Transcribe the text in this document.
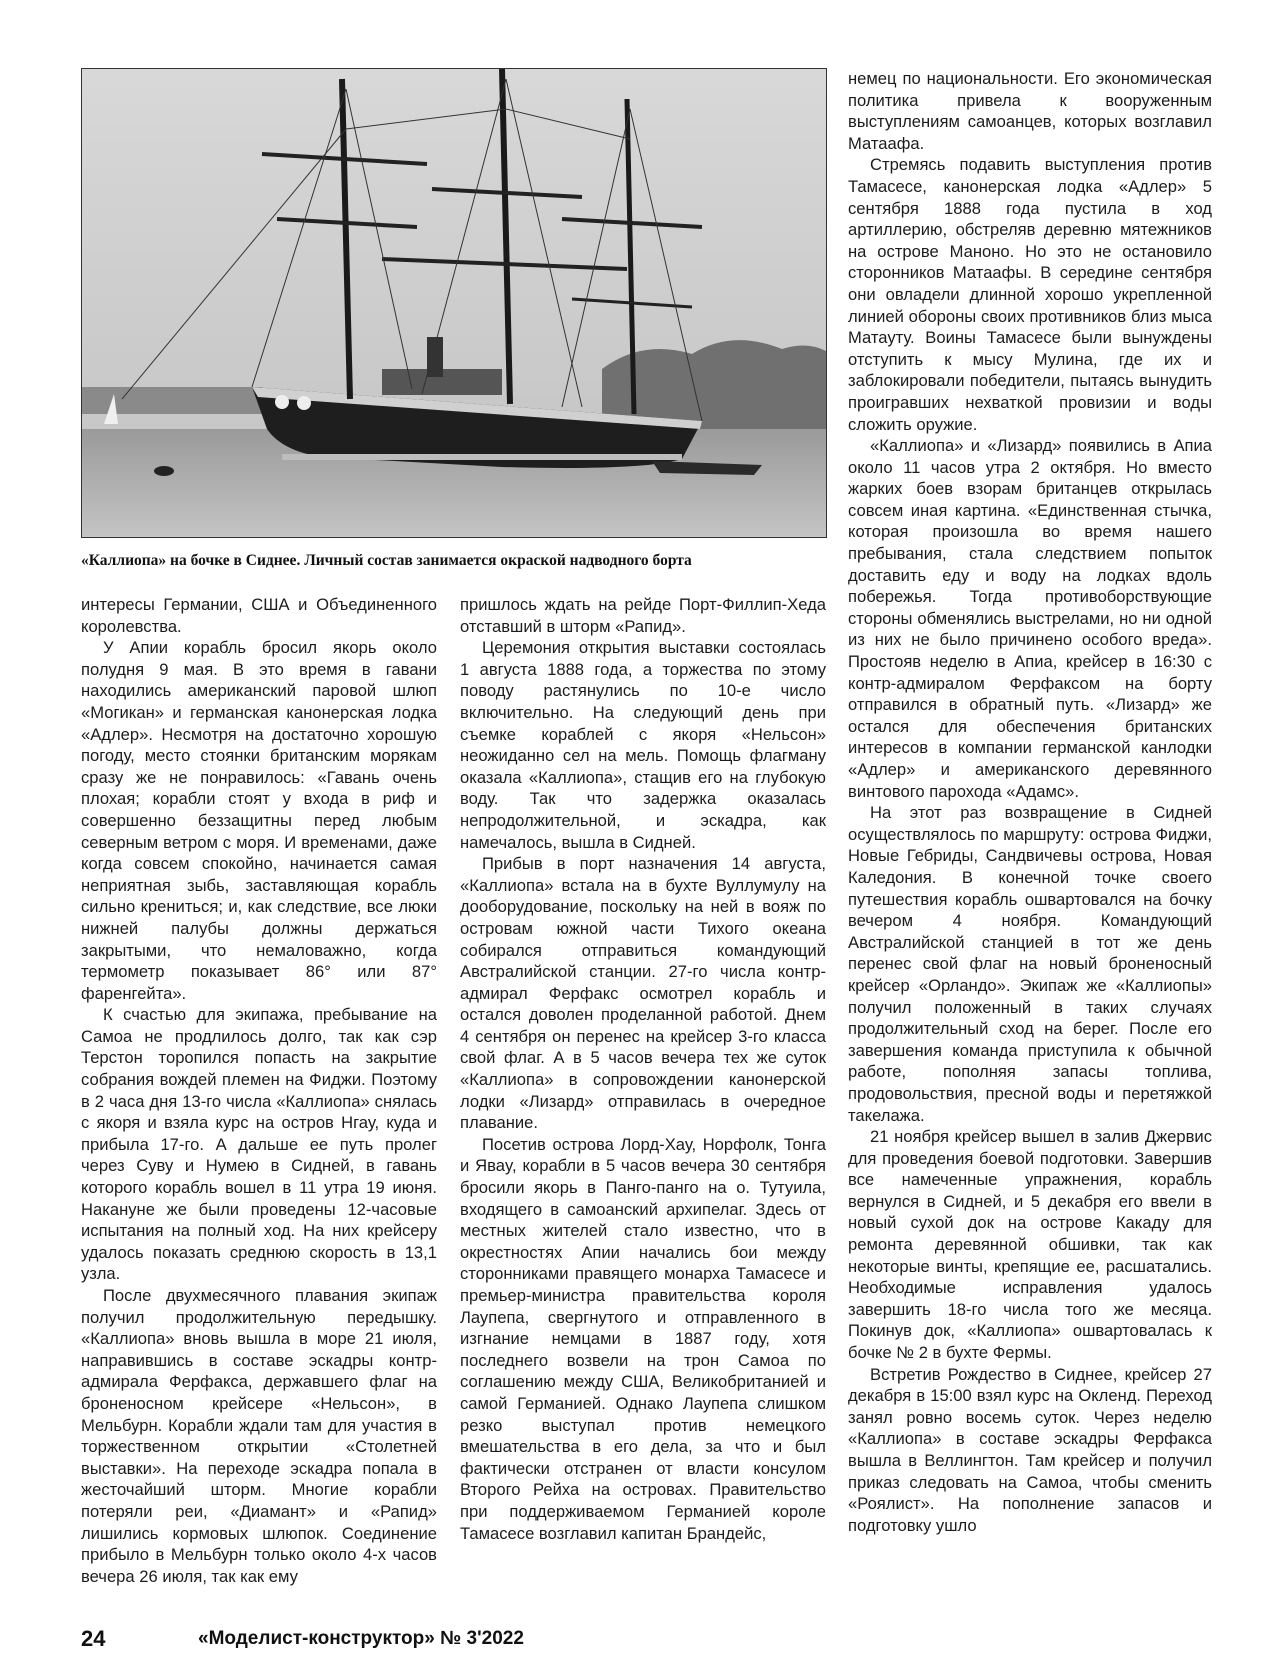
«Каллиопа» на бочке в Сиднее. Личный состав занимается окраской надводного борта

интересы Германии, США и Объединенного королевства.

У Апии корабль бросил якорь около полудня 9 мая. В это время в гавани находились американский паровой шлюп «Могикан» и германская канонерская лодка «Адлер». Несмотря на достаточно хорошую погоду, место стоянки британским морякам сразу же не понравилось: «Гавань очень плохая; корабли стоят у входа в риф и совершенно беззащитны перед любым северным ветром с моря. И временами, даже когда совсем спокойно, начинается самая неприятная зыбь, заставляющая корабль сильно крениться; и, как следствие, все люки нижней палубы должны держаться закрытыми, что немаловажно, когда термометр показывает 86° или 87° фаренгейта».

К счастью для экипажа, пребывание на Самоа не продлилось долго, так как сэр Терстон торопился попасть на закрытие собрания вождей племен на Фиджи. Поэтому в 2 часа дня 13-го числа «Каллиопа» снялась с якоря и взяла курс на остров Нгау, куда и прибыла 17-го. А дальше ее путь пролег через Суву и Нумею в Сидней, в гавань которого корабль вошел в 11 утра 19 июня. Накануне же были проведены 12-часовые испытания на полный ход. На них крейсеру удалось показать среднюю скорость в 13,1 узла.

После двухмесячного плавания экипаж получил продолжительную передышку. «Каллиопа» вновь вышла в море 21 июля, направившись в составе эскадры контр-адмирала Ферфакса, державшего флаг на броненосном крейсере «Нельсон», в Мельбурн. Корабли ждали там для участия в торжественном открытии «Столетней выставки». На переходе эскадра попала в жесточайший шторм. Многие корабли потеряли реи, «Диамант» и «Рапид» лишились кормовых шлюпок. Соединение прибыло в Мельбурн только около 4-х часов вечера 26 июля, так как ему

пришлось ждать на рейде Порт-Филлип-Хеда отставший в шторм «Рапид».

Церемония открытия выставки состоялась 1 августа 1888 года, а торжества по этому поводу растянулись по 10-е число включительно. На следующий день при съемке кораблей с якоря «Нельсон» неожиданно сел на мель. Помощь флагману оказала «Каллиопа», стащив его на глубокую воду. Так что задержка оказалась непродолжительной, и эскадра, как намечалось, вышла в Сидней.

Прибыв в порт назначения 14 августа, «Каллиопа» встала на в бухте Вуллумулу на дооборудование, поскольку на ней в вояж по островам южной части Тихого океана собирался отправиться командующий Австралийской станции. 27-го числа контр-адмирал Ферфакс осмотрел корабль и остался доволен проделанной работой. Днем 4 сентября он перенес на крейсер 3-го класса свой флаг. А в 5 часов вечера тех же суток «Каллиопа» в сопровождении канонерской лодки «Лизард» отправилась в очередное плавание.

Посетив острова Лорд-Хау, Норфолк, Тонга и Яваy, корабли в 5 часов вечера 30 сентября бросили якорь в Панго-панго на о. Тутуила, входящего в самоанский архипелаг. Здесь от местных жителей стало известно, что в окрестностях Апии начались бои между сторонниками правящего монарха Тамасесе и премьер-министра правительства короля Лаупепа, свергнутого и отправленного в изгнание немцами в 1887 году, хотя последнего возвели на трон Самоа по соглашению между США, Великобританией и самой Германией. Однако Лаупепа слишком резко выступал против немецкого вмешательства в его дела, за что и был фактически отстранен от власти консулом Второго Рейха на островах. Правительство при поддерживаемом Германией короле Тамасесе возглавил капитан Брандейс,

немец по национальности. Его экономическая политика привела к вооруженным выступлениям самоанцев, которых возглавил Матаафа.

Стремясь подавить выступления против Тамасесе, канонерская лодка «Адлер» 5 сентября 1888 года пустила в ход артиллерию, обстреляв деревню мятежников на острове Маноно. Но это не остановило сторонников Матаафы. В середине сентября они овладели длинной хорошо укрепленной линией обороны своих противников близ мыса Матауту. Воины Тамасесе были вынуждены отступить к мысу Мулина, где их и заблокировали победители, пытаясь вынудить проигравших нехваткой провизии и воды сложить оружие.

«Каллиопа» и «Лизард» появились в Апиа около 11 часов утра 2 октября. Но вместо жарких боев взорам британцев открылась совсем иная картина. «Единственная стычка, которая произошла во время нашего пребывания, стала следствием попыток доставить еду и воду на лодках вдоль побережья. Тогда противоборствующие стороны обменялись выстрелами, но ни одной из них не было причинено особого вреда». Простояв неделю в Апиа, крейсер в 16:30 с контр-адмиралом Ферфаксом на борту отправился в обратный путь. «Лизард» же остался для обеспечения британских интересов в компании германской канлодки «Адлер» и американского деревянного винтового парохода «Адамс».

На этот раз возвращение в Сидней осуществлялось по маршруту: острова Фиджи, Новые Гебриды, Сандвичевы острова, Новая Каледония. В конечной точке своего путешествия корабль ошвартовался на бочку вечером 4 ноября. Командующий Австралийской станцией в тот же день перенес свой флаг на новый броненосный крейсер «Орландо». Экипаж же «Каллиопы» получил положенный в таких случаях продолжительный сход на берег. После его завершения команда приступила к обычной работе, пополняя запасы топлива, продовольствия, пресной воды и перетяжкой такелажа.

21 ноября крейсер вышел в залив Джервис для проведения боевой подготовки. Завершив все намеченные упражнения, корабль вернулся в Сидней, и 5 декабря его ввели в новый сухой док на острове Какаду для ремонта деревянной обшивки, так как некоторые винты, крепящие ее, расшатались. Необходимые исправления удалось завершить 18-го числа того же месяца. Покинув док, «Каллиопа» ошвартовалась к бочке № 2 в бухте Фермы.

Встретив Рождество в Сиднее, крейсер 27 декабря в 15:00 взял курс на Окленд. Переход занял ровно восемь суток. Через неделю «Каллиопа» в составе эскадры Ферфакса вышла в Веллингтон. Там крейсер и получил приказ следовать на Самоа, чтобы сменить «Роялист». На пополнение запасов и подготовку ушло

24	«Моделист-конструктор» № 3'2022
